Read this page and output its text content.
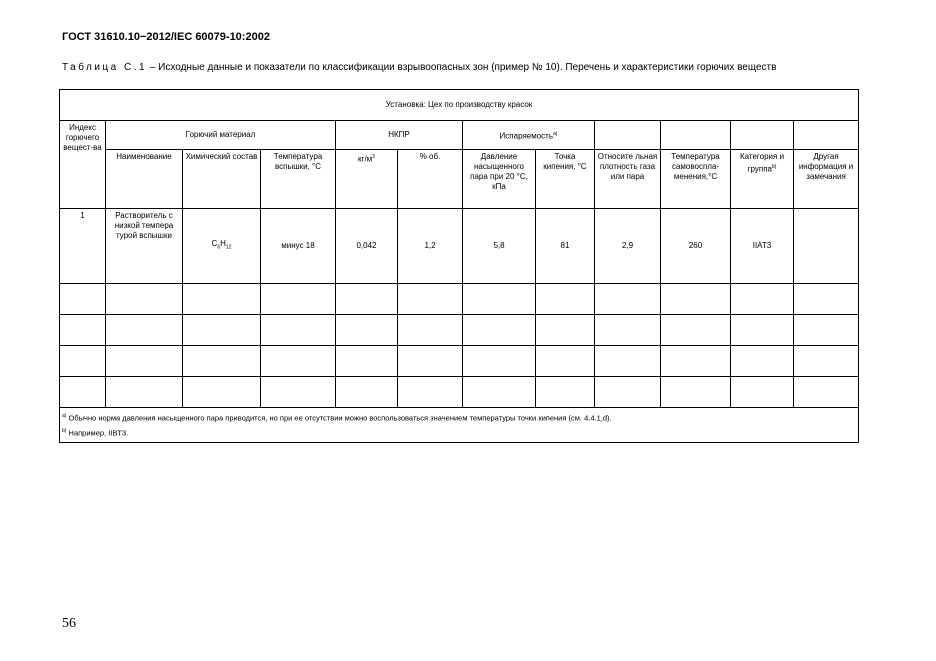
ГОСТ 31610.10−2012/IEC 60079-10:2002
Таблица С.1 – Исходные данные и показатели по классификации взрывоопасных зон (пример № 10). Перечень и характеристики горючих веществ
Установка: Цех по производству красок											
Индекс горючего вещест-ва	Горючий материал			НКПР		Испаряемость$^{a)}$				
	Наименование	Химический состав	Температура вспышки, °C	$кг/м^3$	% об.	Давление насыщенного пара при 20 °C, кПа	Точка кипения, °C	Относите льная плотность газа или пара	Температура самовоспла-менения,°C	Категория и группа$^{b)}$	Другая информация и замечания
1	Растворитель с низкой темпера турой вспышки	$C_6H_{12}$	минус 18	0,042	1,2	5,8	81	2,9	260	IIAT3	

$^{a)}$ Обычно норма давления насыщенного пара приводится, но при ее отсутствии можно воспользоваться значением температуры точки кипения (см. 4.4.1,d).
$^{b)}$ Например, IIBT3.											
56
